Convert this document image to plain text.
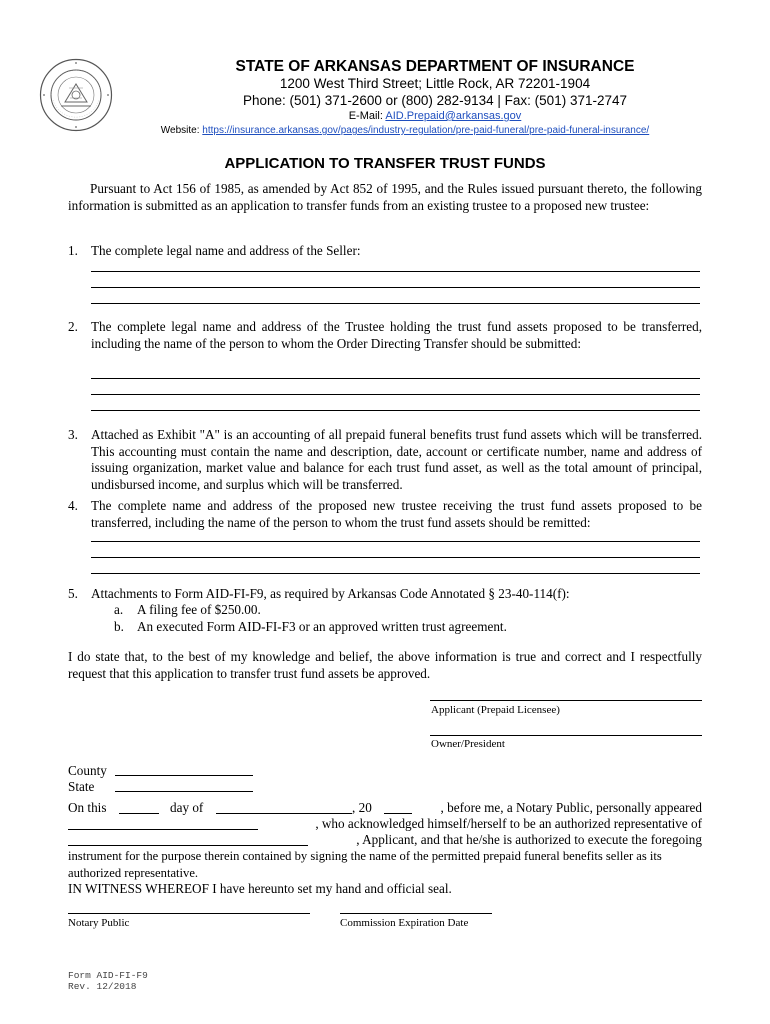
STATE OF ARKANSAS DEPARTMENT OF INSURANCE
1200 West Third Street; Little Rock, AR 72201-1904
Phone: (501) 371-2600 or (800) 282-9134 | Fax: (501) 371-2747
E-Mail: AID.Prepaid@arkansas.gov
Website: https://insurance.arkansas.gov/pages/industry-regulation/pre-paid-funeral/pre-paid-funeral-insurance/
APPLICATION TO TRANSFER TRUST FUNDS
Pursuant to Act 156 of 1985, as amended by Act 852 of 1995, and the Rules issued pursuant thereto, the following information is submitted as an application to transfer funds from an existing trustee to a proposed new trustee:
1. The complete legal name and address of the Seller:
2. The complete legal name and address of the Trustee holding the trust fund assets proposed to be transferred, including the name of the person to whom the Order Directing Transfer should be submitted:
3. Attached as Exhibit "A" is an accounting of all prepaid funeral benefits trust fund assets which will be transferred. This accounting must contain the name and description, date, account or certificate number, name and address of issuing organization, market value and balance for each trust fund asset, as well as the total amount of principal, undisbursed income, and surplus which will be transferred.
4. The complete name and address of the proposed new trustee receiving the trust fund assets proposed to be transferred, including the name of the person to whom the trust fund assets should be remitted:
5. Attachments to Form AID-FI-F9, as required by Arkansas Code Annotated § 23-40-114(f):
a. A filing fee of $250.00.
b. An executed Form AID-FI-F3 or an approved written trust agreement.
I do state that, to the best of my knowledge and belief, the above information is true and correct and I respectfully request that this application to transfer trust fund assets be approved.
Applicant (Prepaid Licensee)
Owner/President
County
State
On this	day of	, 20	, before me, a Notary Public, personally appeared
, who acknowledged himself/herself to be an authorized representative of
, Applicant, and that he/she is authorized to execute the foregoing
instrument for the purpose therein contained by signing the name of the permitted prepaid funeral benefits seller as its authorized representative.
IN WITNESS WHEREOF I have hereunto set my hand and official seal.
Notary Public	Commission Expiration Date
Form AID-FI-F9
Rev. 12/2018
